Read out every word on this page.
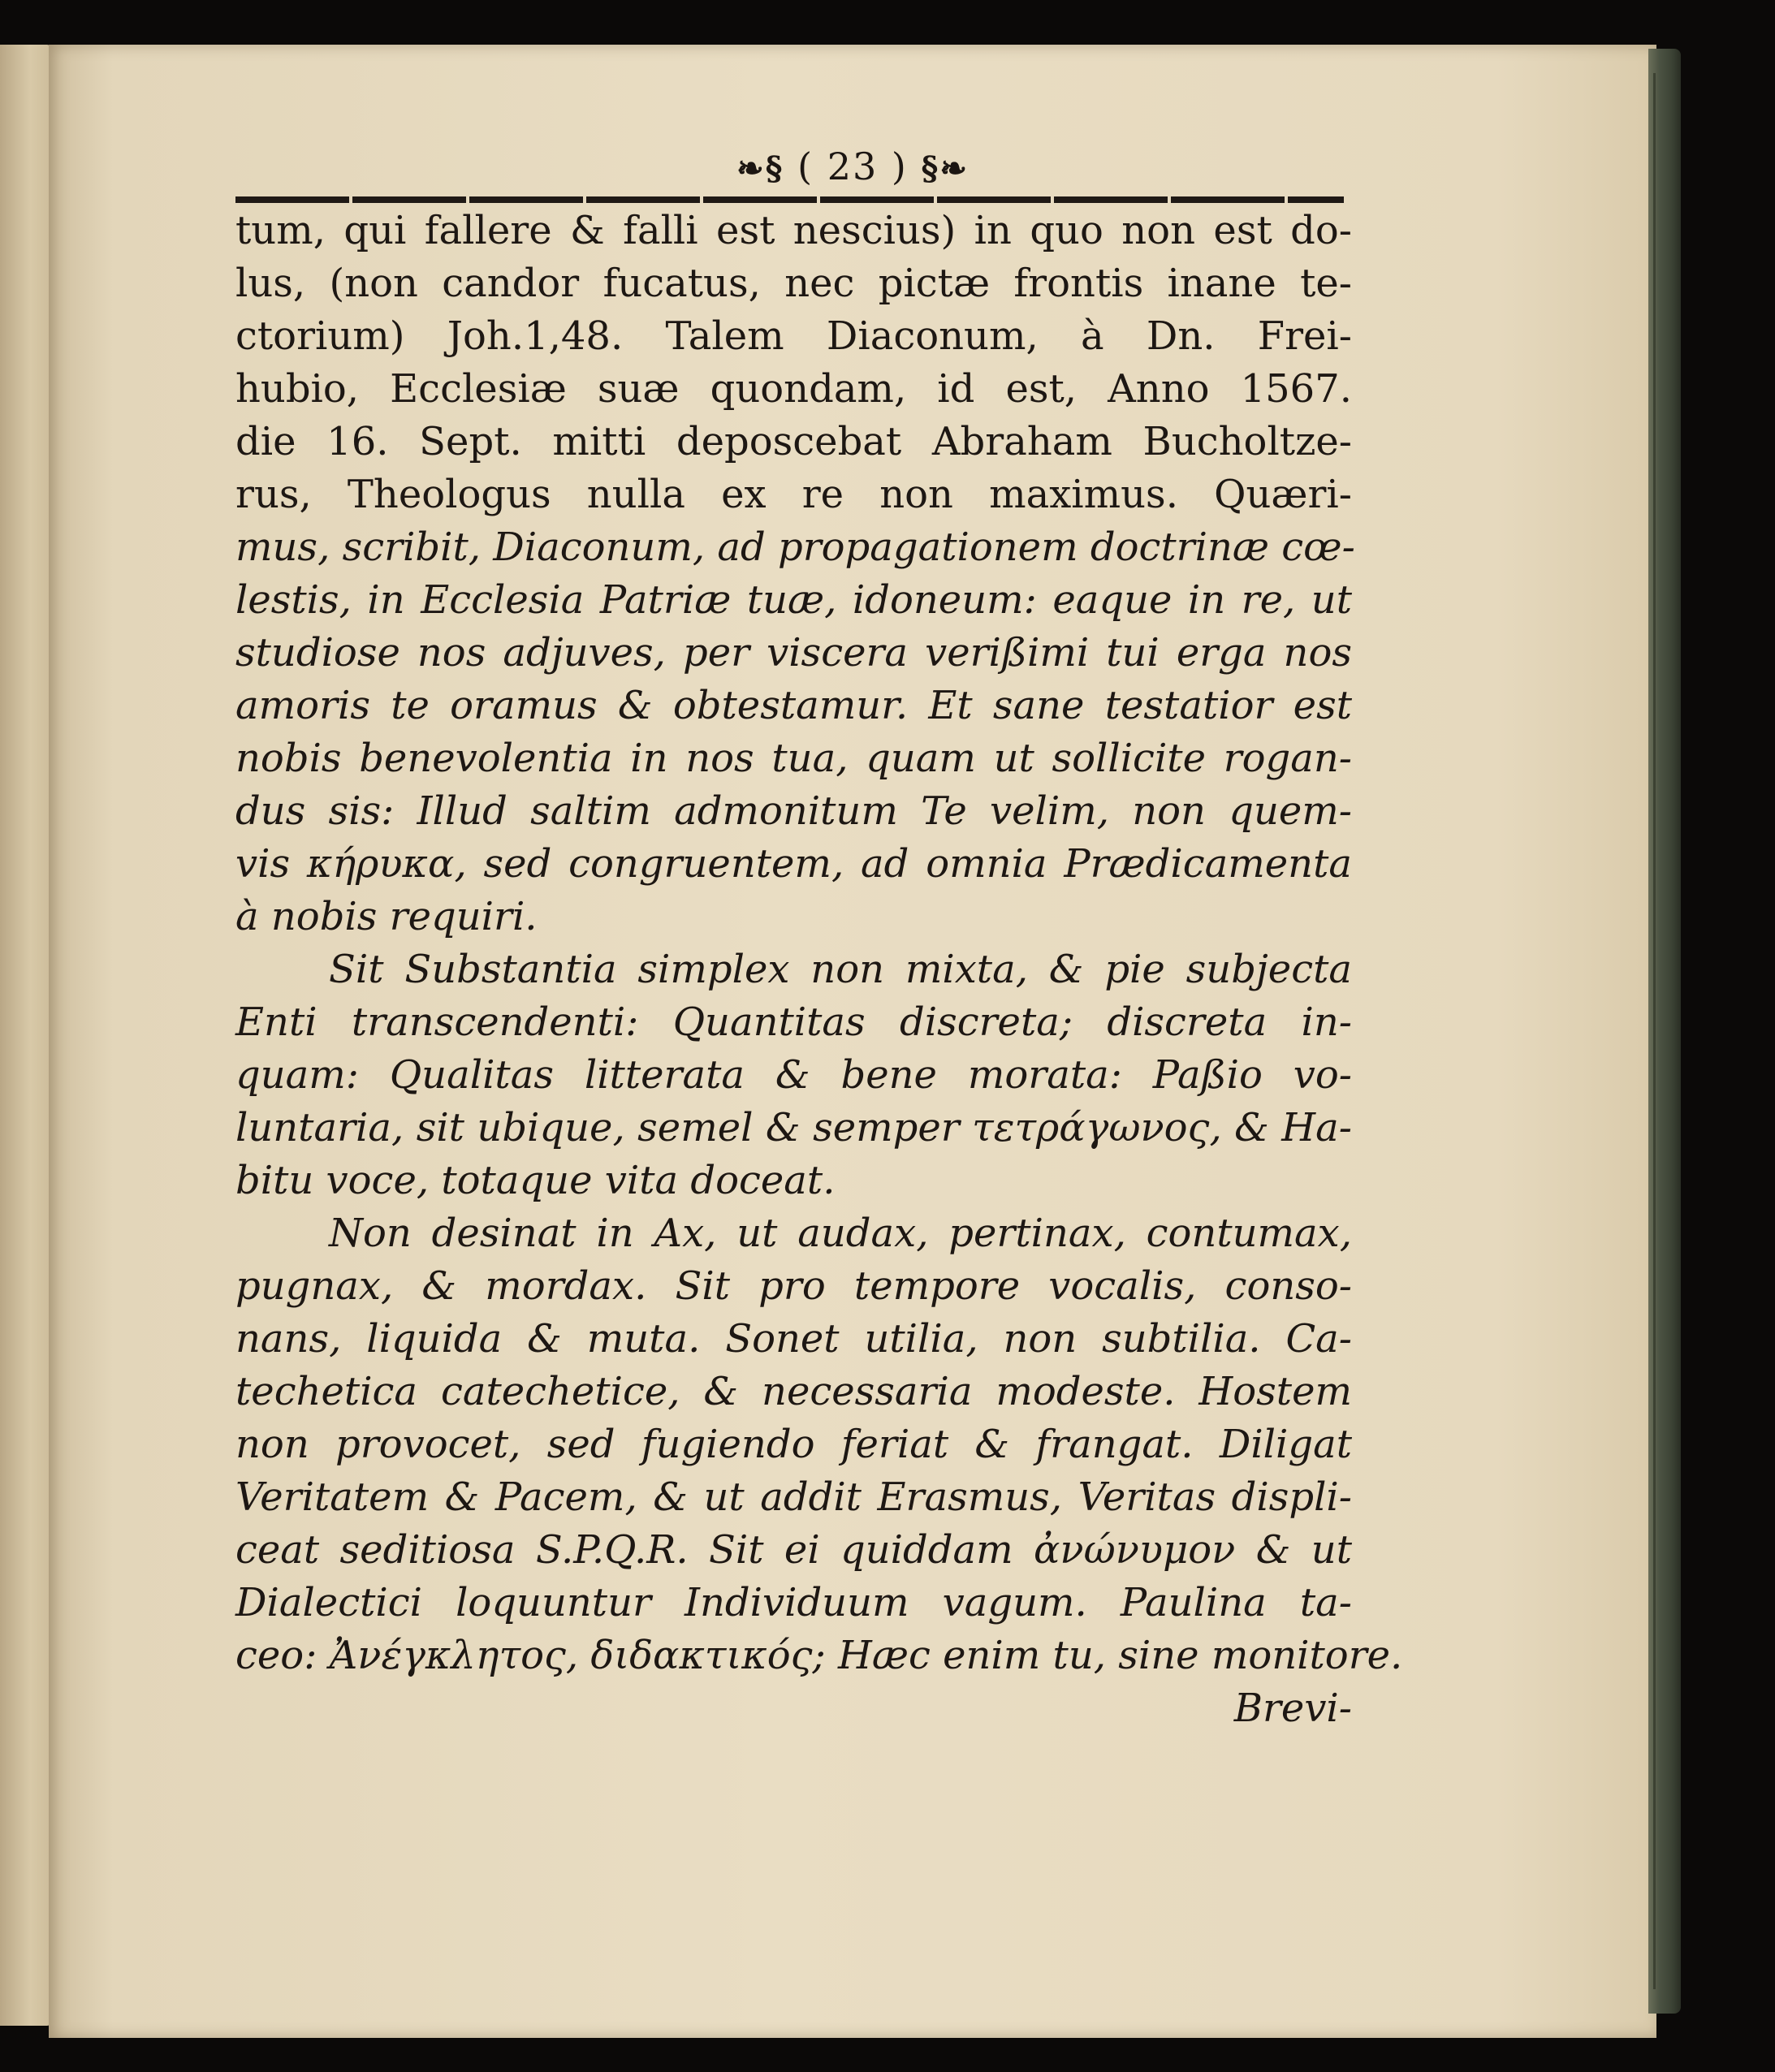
❧§ ( 23 ) §❧
tum, qui fallere & falli est nescius) in quo non est do-
lus, (non candor fucatus, nec pictæ frontis inane te-
ctorium) Joh.1,48. Talem Diaconum, à Dn. Frei-
hubio, Ecclesiæ suæ quondam, id est, Anno 1567.
die 16. Sept. mitti deposcebat Abraham Bucholtze-
rus, Theologus nulla ex re non maximus. Quæri-
mus, scribit, Diaconum, ad propagationem doctrinæ cœ-
lestis, in Ecclesia Patriæ tuæ, idoneum: eaque in re, ut
studiose nos adjuves, per viscera verißimi tui erga nos
amoris te oramus & obtestamur. Et sane testatior est
nobis benevolentia in nos tua, quam ut sollicite rogan-
dus sis: Illud saltim admonitum Te velim, non quem-
vis κήρυκα, sed congruentem, ad omnia Prædicamenta
à nobis requiri.
Sit Substantia simplex non mixta, & pie subjecta
Enti transcendenti: Quantitas discreta; discreta in-
quam: Qualitas litterata & bene morata: Paßio vo-
luntaria, sit ubique, semel & semper τετράγωνος, & Ha-
bitu voce, totaque vita doceat.
Non desinat in Ax, ut audax, pertinax, contumax,
pugnax, & mordax. Sit pro tempore vocalis, conso-
nans, liquida & muta. Sonet utilia, non subtilia. Ca-
techetica catechetice, & necessaria modeste. Hostem
non provocet, sed fugiendo feriat & frangat. Diligat
Veritatem & Pacem, & ut addit Erasmus, Veritas displi-
ceat seditiosa S.P.Q.R. Sit ei quiddam ἀνώνυμον & ut
Dialectici loquuntur Individuum vagum. Paulina ta-
ceo: Ἀνέγκλητος, διδακτικός; Hæc enim tu, sine monitore.
Brevi-
